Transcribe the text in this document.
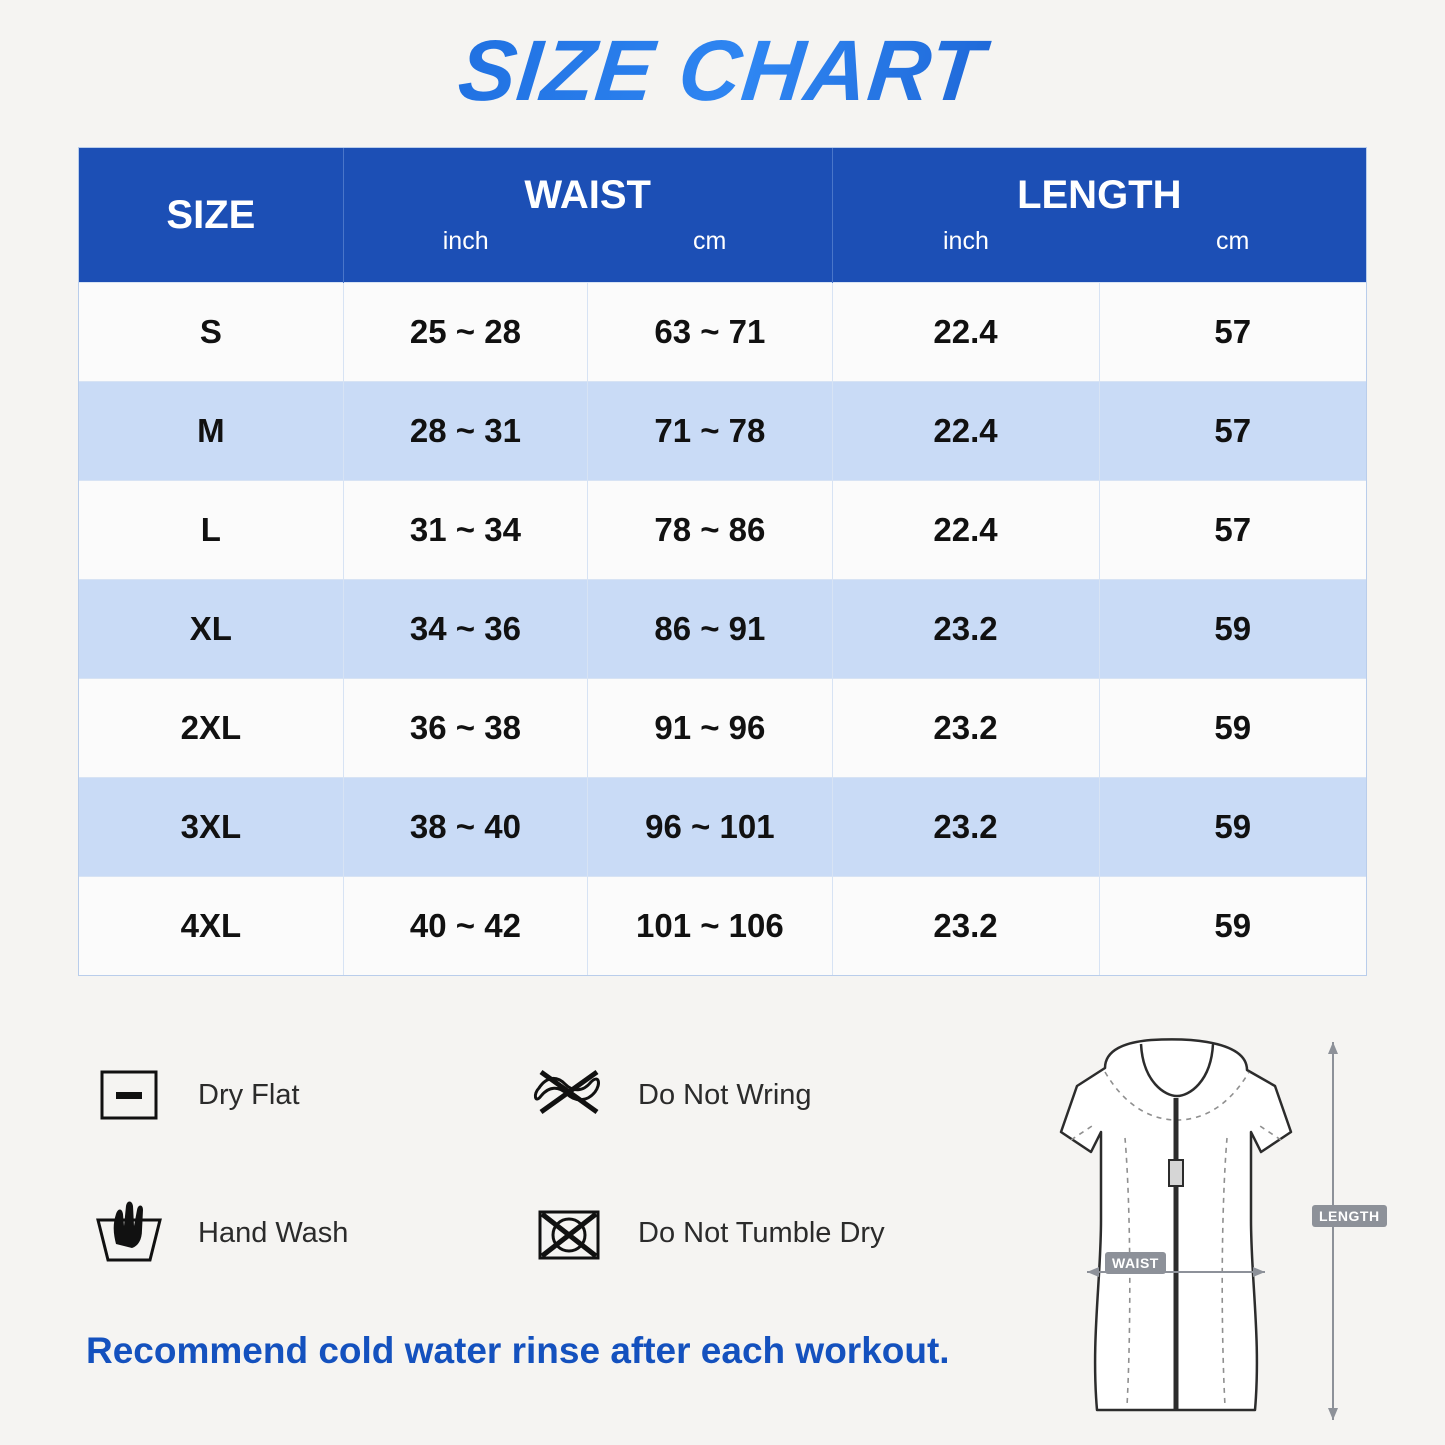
SIZE CHART
SIZE	WAIST
inch	cm

LENGTH
inch	cm

S	25 ~ 28	63 ~ 71	22.4	57
M	28 ~ 31	71 ~ 78	22.4	57
L	31 ~ 34	78 ~ 86	22.4	57
XL	34 ~ 36	86 ~ 91	23.2	59
2XL	36 ~ 38	91 ~ 96	23.2	59
3XL	38 ~ 40	96 ~ 101	23.2	59
4XL	40 ~ 42	101 ~ 106	23.2	59
Dry Flat	Do Not Wring
Hand Wash	Do Not Tumble Dry
Recommend cold water rinse after each workout.
WAIST
LENGTH
